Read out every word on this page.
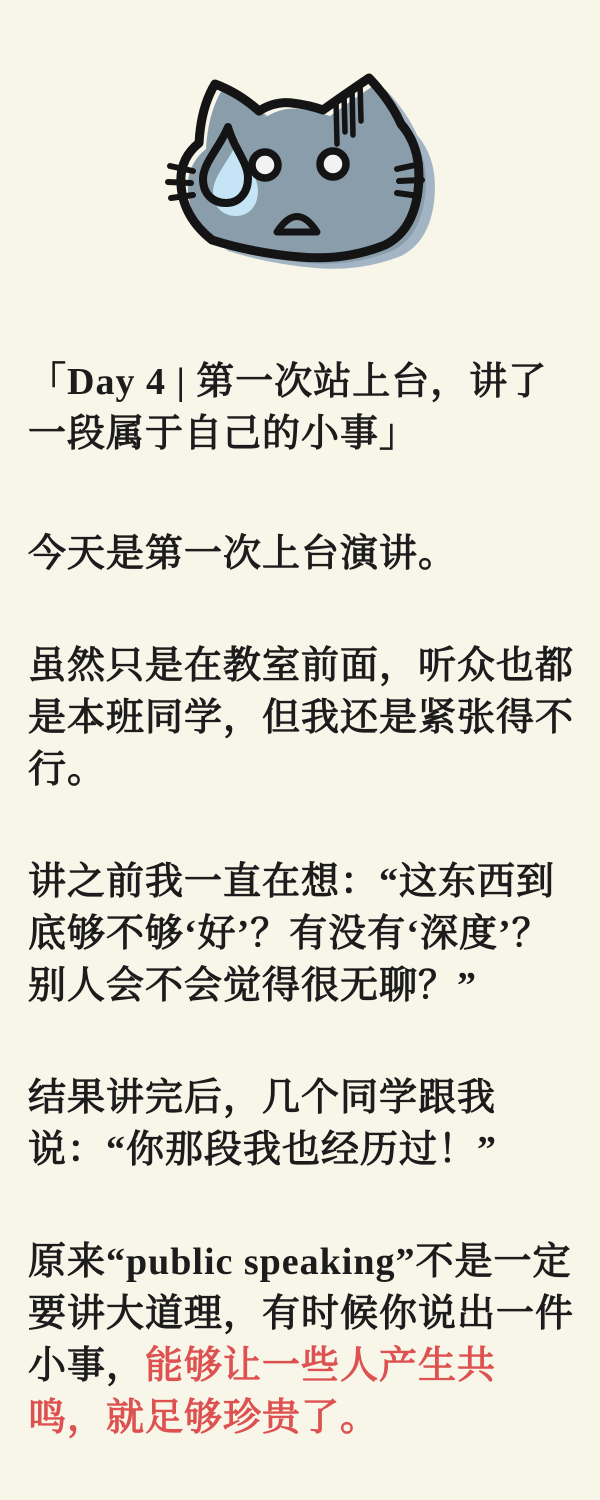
「Day 4 | 第一次站上台，讲了一段属于自己的小事」

今天是第一次上台演讲。

虽然只是在教室前面，听众也都是本班同学，但我还是紧张得不行。

讲之前我一直在想：“这东西到底够不够‘好’？有没有‘深度’？别人会不会觉得很无聊？”

结果讲完后，几个同学跟我说：“你那段我也经历过！”

原来“public speaking”不是一定要讲大道理，有时候你说出一件小事，能够让一些人产生共鸣，就足够珍贵了。
